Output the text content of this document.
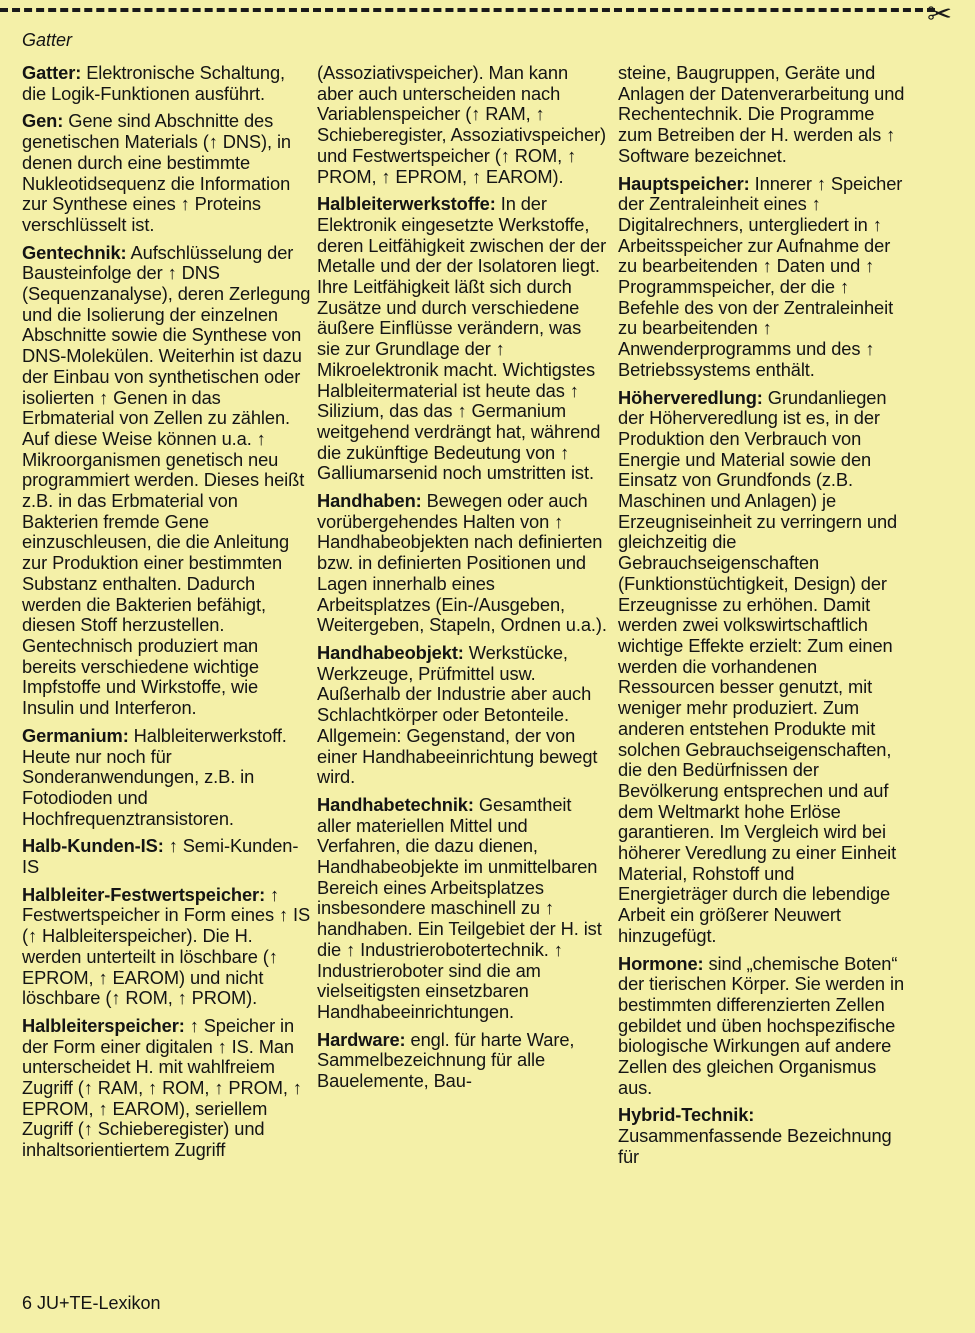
✂
Gatter
Gatter: Elektronische Schaltung, die Logik-Funktionen ausführt.
Gen: Gene sind Abschnitte des genetischen Materials (↑ DNS), in denen durch eine bestimmte Nukleotidsequenz die Information zur Synthese eines ↑ Proteins verschlüsselt ist.
Gentechnik: Aufschlüsselung der Bausteinfolge der ↑ DNS (Sequenzanalyse), deren Zerlegung und die Isolierung der einzelnen Abschnitte sowie die Synthese von DNS-Molekülen. Weiterhin ist dazu der Einbau von synthetischen oder isolierten ↑ Genen in das Erbmaterial von Zellen zu zählen. Auf diese Weise können u.a. ↑ Mikroorganismen genetisch neu programmiert werden. Dieses heißt z.B. in das Erbmaterial von Bakterien fremde Gene einzuschleusen, die die Anleitung zur Produktion einer bestimmten Substanz enthalten. Dadurch werden die Bakterien befähigt, diesen Stoff herzustellen. Gentechnisch produziert man bereits verschiedene wichtige Impfstoffe und Wirkstoffe, wie Insulin und Interferon.
Germanium: Halbleiterwerkstoff. Heute nur noch für Sonderanwendungen, z.B. in Fotodioden und Hochfrequenztransistoren.
Halb-Kunden-IS: ↑ Semi-Kunden-IS
Halbleiter-Festwertspeicher: ↑ Festwertspeicher in Form eines ↑ IS (↑ Halbleiterspeicher). Die H. werden unterteilt in löschbare (↑ EPROM, ↑ EAROM) und nicht löschbare (↑ ROM, ↑ PROM).
Halbleiterspeicher: ↑ Speicher in der Form einer digitalen ↑ IS. Man unterscheidet H. mit wahlfreiem Zugriff (↑ RAM, ↑ ROM, ↑ PROM, ↑ EPROM, ↑ EAROM), seriellem Zugriff (↑ Schieberegister) und inhaltsorientiertem Zugriff
(Assoziativspeicher). Man kann aber auch unterscheiden nach Variablenspeicher (↑ RAM, ↑ Schieberegister, Assoziativspeicher) und Festwertspeicher (↑ ROM, ↑ PROM, ↑ EPROM, ↑ EAROM).
Halbleiterwerkstoffe: In der Elektronik eingesetzte Werkstoffe, deren Leitfähigkeit zwischen der der Metalle und der der Isolatoren liegt. Ihre Leitfähigkeit läßt sich durch Zusätze und durch verschiedene äußere Einflüsse verändern, was sie zur Grundlage der ↑ Mikroelektronik macht. Wichtigstes Halbleitermaterial ist heute das ↑ Silizium, das das ↑ Germanium weitgehend verdrängt hat, während die zukünftige Bedeutung von ↑ Galliumarsenid noch umstritten ist.
Handhaben: Bewegen oder auch vorübergehendes Halten von ↑ Handhabeobjekten nach definierten bzw. in definierten Positionen und Lagen innerhalb eines Arbeitsplatzes (Ein-/Ausgeben, Weitergeben, Stapeln, Ordnen u.a.).
Handhabeobjekt: Werkstücke, Werkzeuge, Prüfmittel usw. Außerhalb der Industrie aber auch Schlachtkörper oder Betonteile. Allgemein: Gegenstand, der von einer Handhabeeinrichtung bewegt wird.
Handhabetechnik: Gesamtheit aller materiellen Mittel und Verfahren, die dazu dienen, Handhabeobjekte im unmittelbaren Bereich eines Arbeitsplatzes insbesondere maschinell zu ↑ handhaben. Ein Teilgebiet der H. ist die ↑ Industrierobotertechnik. ↑ Industrieroboter sind die am vielseitigsten einsetzbaren Handhabeeinrichtungen.
Hardware: engl. für harte Ware, Sammelbezeichnung für alle Bauelemente, Bau-
steine, Baugruppen, Geräte und Anlagen der Datenverarbeitung und Rechentechnik. Die Programme zum Betreiben der H. werden als ↑ Software bezeichnet.
Hauptspeicher: Innerer ↑ Speicher der Zentraleinheit eines ↑ Digitalrechners, untergliedert in ↑ Arbeitsspeicher zur Aufnahme der zu bearbeitenden ↑ Daten und ↑ Programmspeicher, der die ↑ Befehle des von der Zentraleinheit zu bearbeitenden ↑ Anwenderprogramms und des ↑ Betriebssystems enthält.
Höherveredlung: Grundanliegen der Höherveredlung ist es, in der Produktion den Verbrauch von Energie und Material sowie den Einsatz von Grundfonds (z.B. Maschinen und Anlagen) je Erzeugniseinheit zu verringern und gleichzeitig die Gebrauchseigenschaften (Funktionstüchtigkeit, Design) der Erzeugnisse zu erhöhen. Damit werden zwei volkswirtschaftlich wichtige Effekte erzielt: Zum einen werden die vorhandenen Ressourcen besser genutzt, mit weniger mehr produziert. Zum anderen entstehen Produkte mit solchen Gebrauchseigenschaften, die den Bedürfnissen der Bevölkerung entsprechen und auf dem Weltmarkt hohe Erlöse garantieren. Im Vergleich wird bei höherer Veredlung zu einer Einheit Material, Rohstoff und Energieträger durch die lebendige Arbeit ein größerer Neuwert hinzugefügt.
Hormone: sind „chemische Boten“ der tierischen Körper. Sie werden in bestimmten differenzierten Zellen gebildet und üben hochspezifische biologische Wirkungen auf andere Zellen des gleichen Organismus aus.
Hybrid-Technik: Zusammenfassende Bezeichnung für
6 JU+TE-Lexikon
